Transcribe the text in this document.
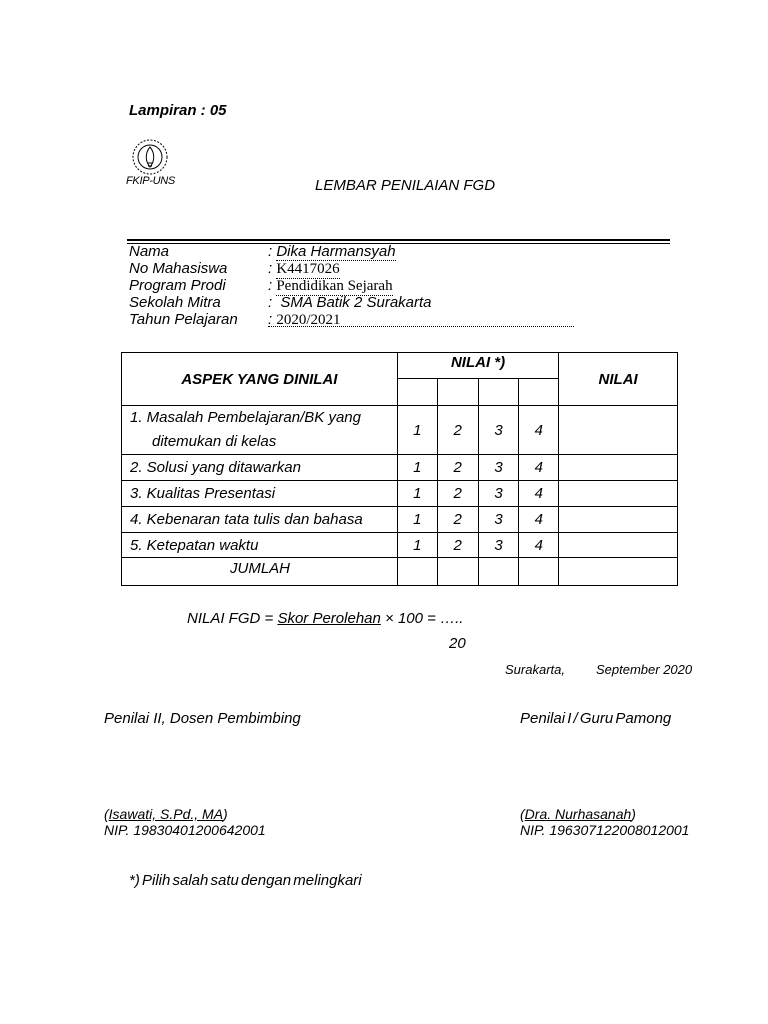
Lampiran : 05
FKIP-UNS	LEMBAR PENILAIAN FGD
Nama	: Dika Harmansyah
No Mahasiswa	: K4417026
Program Prodi	: Pendidikan Sejarah
Sekolah Mitra	: SMA Batik 2 Surakarta
Tahun Pelajaran : 2020/2021
ASPEK YANG DINILAI	NILAI *)				NILAI

1. Masalah Pembelajaran/BK yang
ditemukan di kelas	1	2	3	4	
2. Solusi yang ditawarkan	1	2	3	4	
3. Kualitas Presentasi	1	2	3	4	
4. Kebenaran tata tulis dan bahasa	1	2	3	4	
5. Ketepatan waktu	1	2	3	4	
JUMLAH					
NILAI FGD = Skor Perolehan × 100 = …..
20
Surakarta, September 2020
Penilai II, Dosen Pembimbing	Penilai I / Guru Pamong
(Isawati, S.Pd., MA)	(Dra. Nurhasanah)
NIP. 19830401200642001	NIP. 196307122008012001
*) Pilih salah satu dengan melingkari
